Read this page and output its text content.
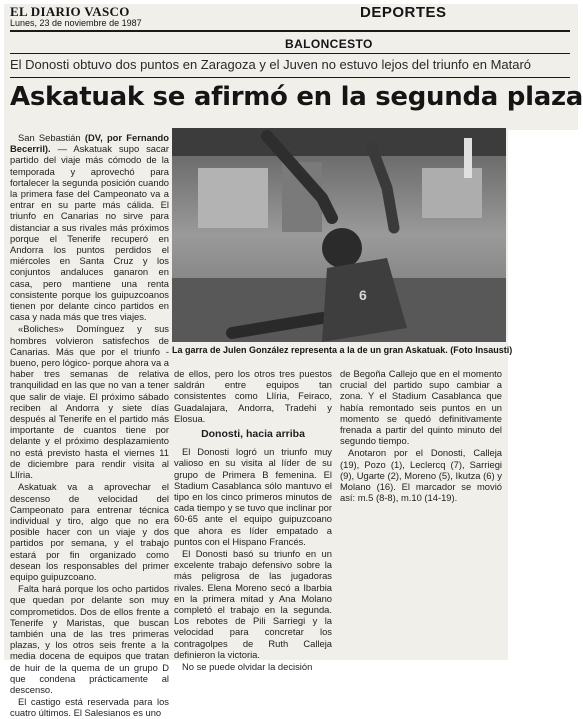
EL DIARIO VASCO
Lunes, 23 de noviembre de 1987
DEPORTES
BALONCESTO
El Donosti obtuvo dos puntos en Zaragoza y el Juven no estuvo lejos del triunfo en Mataró
Askatuak se afirmó en la segunda plaza

San Sebastián (DV, por Fernando Becerril). — Askatuak supo sacar partido del viaje más cómodo de la temporada y aprovechó para fortalecer la segunda posición cuando la primera fase del Campeonato va a entrar en su parte más cálida. El triunfo en Canarias no sirve para distanciar a sus rivales más próximos porque el Tenerife recuperó en Andorra los puntos perdidos el miércoles en Santa Cruz y los conjuntos andaluces ganaron en casa, pero mantiene una renta consistente porque los guipuzcoanos tienen por delante cinco partidos en casa y nada más que tres viajes.

«Boliches» Domínguez y sus hombres volvieron satisfechos de Canarias. Más que por el triunfo -bueno, pero lógico- porque ahora va a haber tres semanas de relativa tranquilidad en las que no van a tener que salir de viaje. El próximo sábado reciben al Andorra y siete días después al Tenerife en el partido más importante de cuantos tiene por delante y el próximo desplazamiento no está previsto hasta el viernes 11 de diciembre para rendir visita al Llíria.

Askatuak va a aprovechar el descenso de velocidad del Campeonato para entrenar técnica individual y tiro, algo que no era posible hacer con un viaje y dos partidos por semana, y el trabajo estará por fin organizado como desean los responsables del primer equipo guipuzcoano.

Falta hará porque los ocho partidos que quedan por delante son muy comprometidos. Dos de ellos frente a Tenerife y Maristas, que buscan también una de las tres primeras plazas, y los otros seis frente a la media docena de equipos que tratan de huir de la quema de un grupo D que condena prácticamente al descenso.

El castigo está reservada para los cuatro últimos. El Salesianos es uno

6
La garra de Julen González representa a la de un gran Askatuak. (Foto Insausti)

de ellos, pero los otros tres puestos saldrán entre equipos tan consistentes como Llíria, Feiraco, Guadalajara, Andorra, Tradehi y Elosua.

Donosti, hacia arriba

El Donosti logró un triunfo muy valioso en su visita al líder de su grupo de Primera B femenina. El Stadium Casablanca sólo mantuvo el tipo en los cinco primeros minutos de cada tiempo y se tuvo que inclinar por 60-65 ante el equipo guipuzcoano que ahora es líder empatado a puntos con el Hispano Francés.

El Donosti basó su triunfo en un excelente trabajo defensivo sobre la más peligrosa de las jugadoras rivales. Elena Moreno secó a Ibarbia en la primera mitad y Ana Molano completó el trabajo en la segunda. Los rebotes de Pili Sarriegi y la velocidad para concretar los contragolpes de Ruth Calleja definieron la victoria.

No se puede olvidar la decisión

de Begoña Callejo que en el momento crucial del partido supo cambiar a zona. Y el Stadium Casablanca que había remontado seis puntos en un momento se quedó definitivamente frenada a partir del quinto minuto del segundo tiempo.

Anotaron por el Donosti, Calleja (19), Pozo (1), Leclercq (7), Sarriegi (9), Ugarte (2), Moreno (5), Ikutza (6) y Molano (16). El marcador se movió así: m.5 (8-8), m.10 (14-19).
